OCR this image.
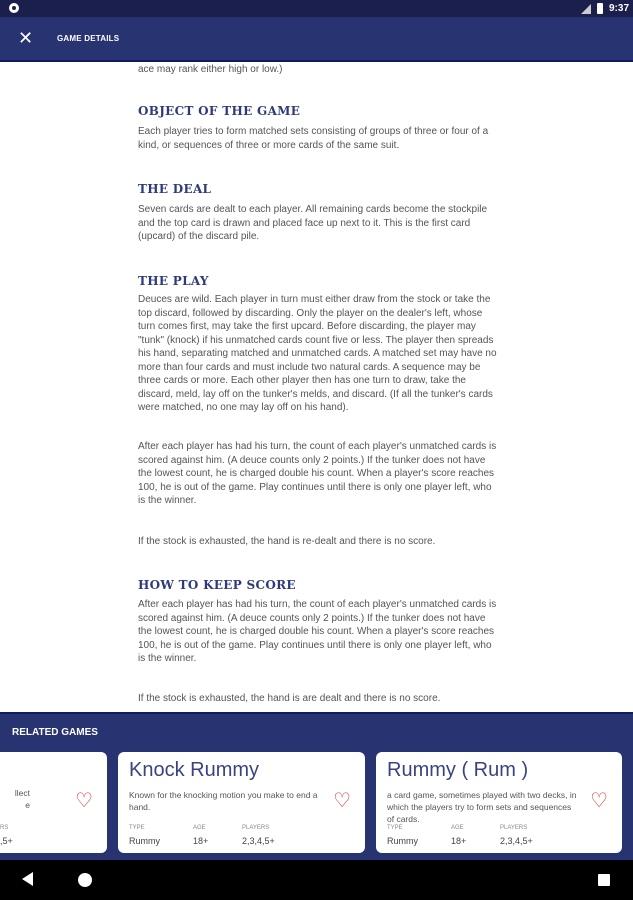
9:37
✕	GAME DETAILS

ace may rank either high or low.)

OBJECT OF THE GAME

Each player tries to form matched sets consisting of groups of three or four of a kind, or sequences of three or more cards of the same suit.

THE DEAL

Seven cards are dealt to each player. All remaining cards become the stockpile and the top card is drawn and placed face up next to it. This is the first card (upcard) of the discard pile.

THE PLAY

Deuces are wild. Each player in turn must either draw from the stock or take the top discard, followed by discarding. Only the player on the dealer's left, whose turn comes first, may take the first upcard. Before discarding, the player may "tunk" (knock) if his unmatched cards count five or less. The player then spreads his hand, separating matched and unmatched cards. A matched set may have no more than four cards and must include two natural cards. A sequence may be three cards or more. Each other player then has one turn to draw, take the discard, meld, lay off on the tunker's melds, and discard. (If all the tunker's cards were matched, no one may lay off on his hand).

After each player has had his turn, the count of each player's unmatched cards is scored against him. (A deuce counts only 2 points.) If the tunker does not have the lowest count, he is charged double his count. When a player's score reaches 100, he is out of the game. Play continues until there is only one player left, who is the winner.

If the stock is exhausted, the hand is re-dealt and there is no score.

HOW TO KEEP SCORE

After each player has had his turn, the count of each player's unmatched cards is scored against him. (A deuce counts only 2 points.) If the tunker does not have the lowest count, he is charged double his count. When a player's score reaches 100, he is out of the game. Play continues until there is only one player left, who is the winner.

If the stock is exhausted, the hand is are dealt and there is no score.

RELATED GAMES
llect
e ♡
RS
,5+
Knock Rummy
Known for the knocking motion you make to end a hand.	♡
TYPE	AGE	PLAYERS
Rummy	18+	2,3,4,5+
Rummy ( Rum )
a card game, sometimes played with two decks, in which the players try to form sets and sequences of cards.
♡
TYPE	AGE	PLAYERS
Rummy	18+	2,3,4,5+
